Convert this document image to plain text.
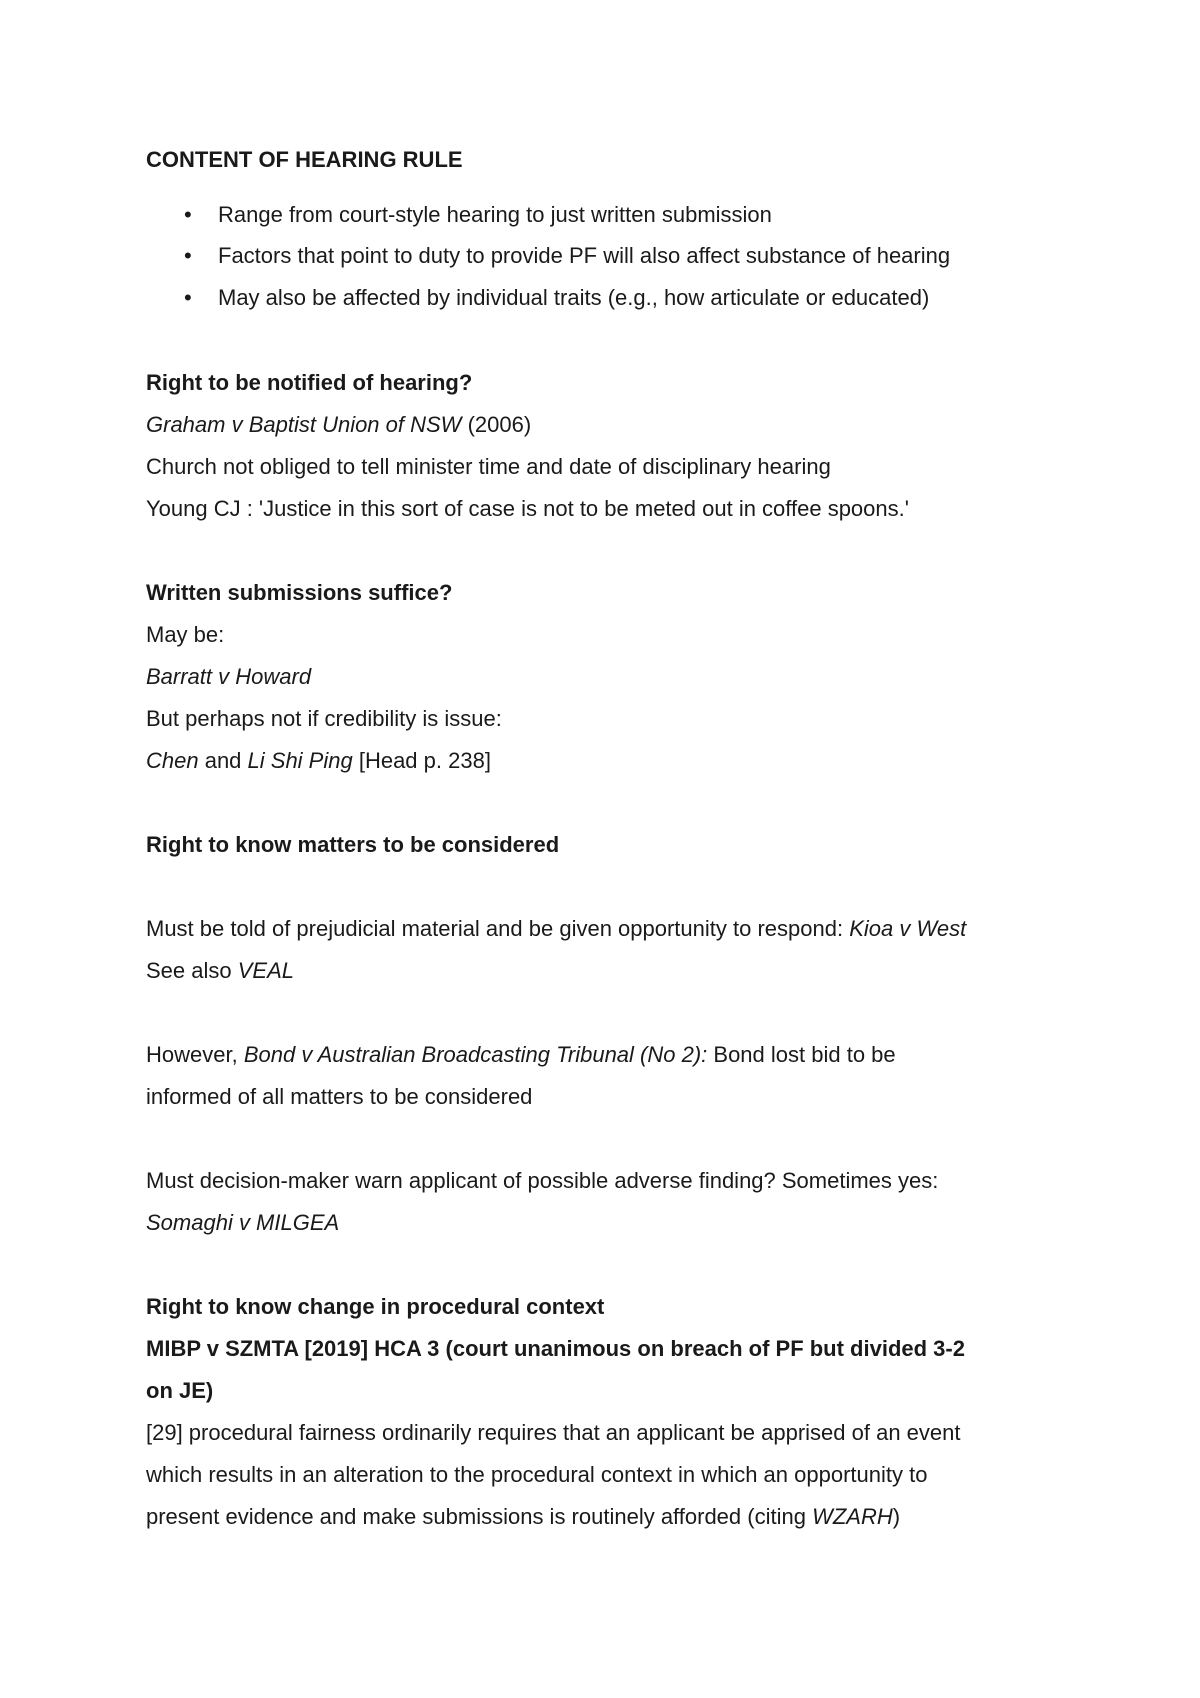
CONTENT OF HEARING RULE
• Range from court-style hearing to just written submission
• Factors that point to duty to provide PF will also affect substance of hearing
• May also be affected by individual traits (e.g., how articulate or educated)
Right to be notified of hearing?
Graham v Baptist Union of NSW (2006)
Church not obliged to tell minister time and date of disciplinary hearing
Young CJ : 'Justice in this sort of case is not to be meted out in coffee spoons.'
Written submissions suffice?
May be:
Barratt v Howard
But perhaps not if credibility is issue:
Chen and Li Shi Ping [Head p. 238]
Right to know matters to be considered
Must be told of prejudicial material and be given opportunity to respond: Kioa v West
See also VEAL
However, Bond v Australian Broadcasting Tribunal (No 2): Bond lost bid to be
informed of all matters to be considered
Must decision-maker warn applicant of possible adverse finding? Sometimes yes:
Somaghi v MILGEA
Right to know change in procedural context
MIBP v SZMTA [2019] HCA 3 (court unanimous on breach of PF but divided 3-2
on JE)
[29] procedural fairness ordinarily requires that an applicant be apprised of an event
which results in an alteration to the procedural context in which an opportunity to
present evidence and make submissions is routinely afforded (citing WZARH)
